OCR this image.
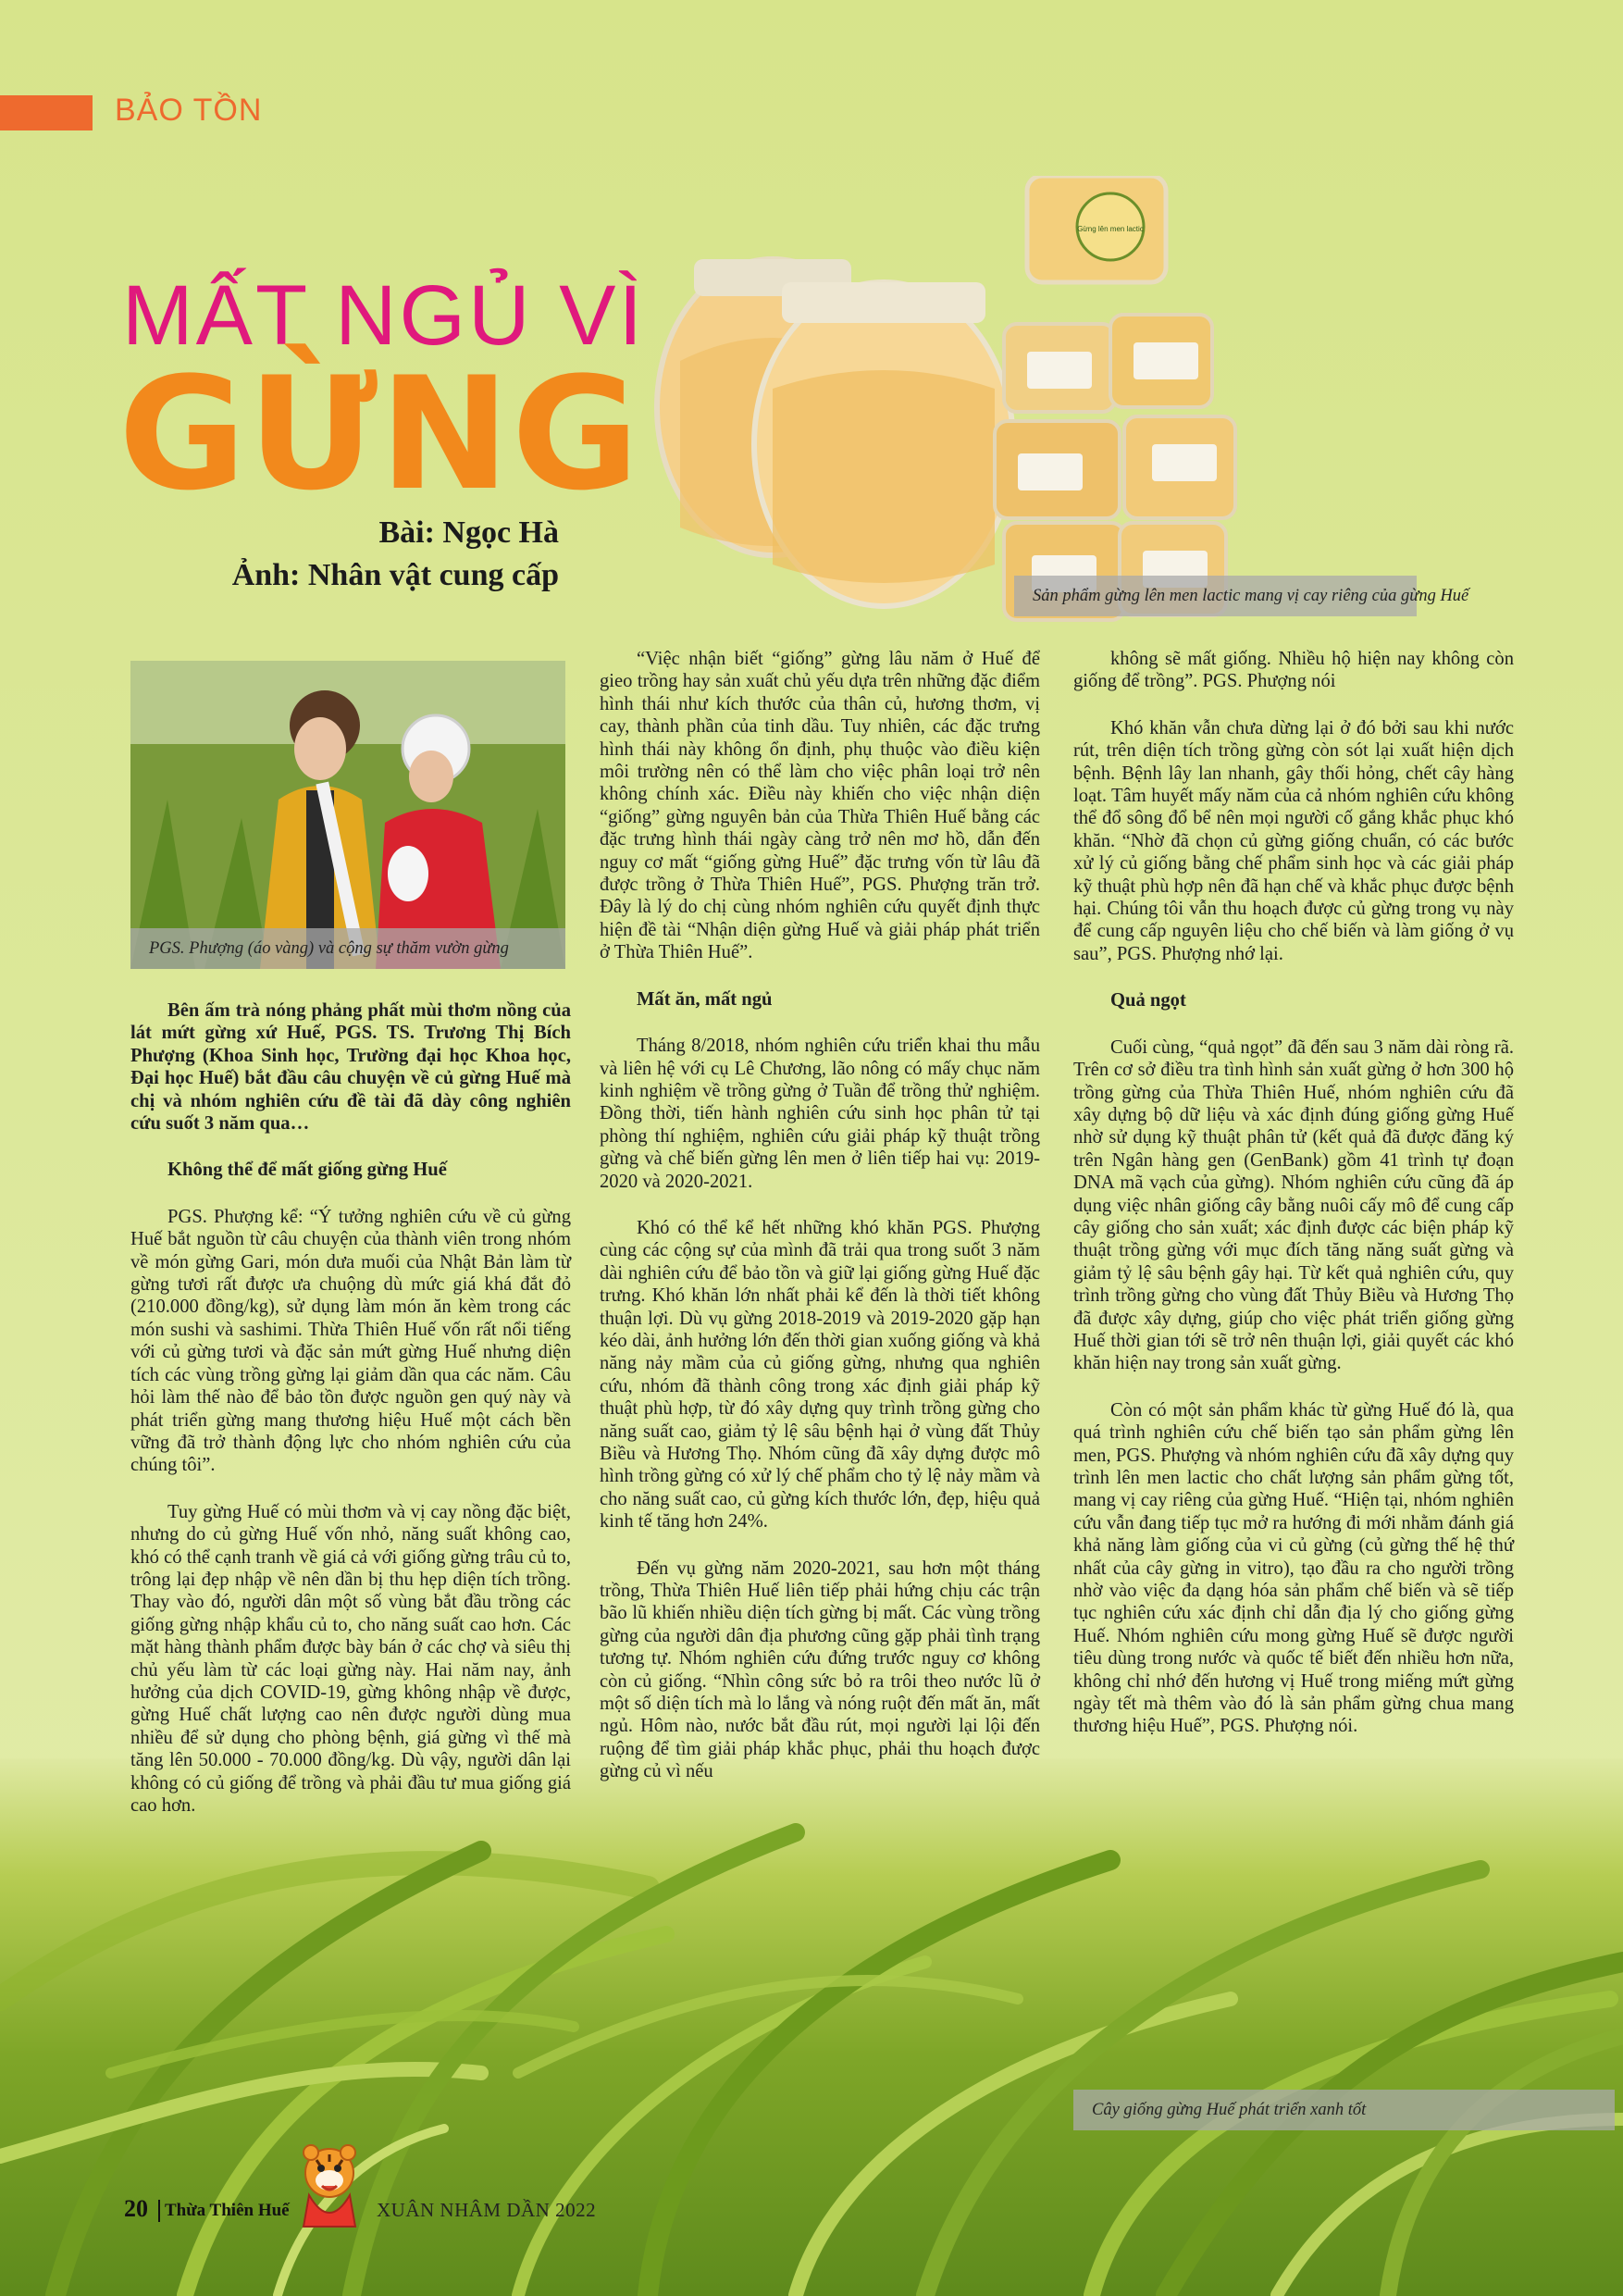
BẢO TỒN
MẤT NGỦ VÌ
GỪNG
Bài: Ngọc Hà
Ảnh: Nhân vật cung cấp
Gừng lên men lactic
Sản phẩm gừng lên men lactic mang vị cay riêng của gừng Huế
PGS. Phượng (áo vàng) và cộng sự thăm vườn gừng

Bên ấm trà nóng phảng phất mùi thơm nồng của lát mứt gừng xứ Huế, PGS. TS. Trương Thị Bích Phượng (Khoa Sinh học, Trường đại học Khoa học, Đại học Huế) bắt đầu câu chuyện về củ gừng Huế mà chị và nhóm nghiên cứu đề tài đã dày công nghiên cứu suốt 3 năm qua…

Không thể để mất giống gừng Huế

PGS. Phượng kể: “Ý tưởng nghiên cứu về củ gừng Huế bắt nguồn từ câu chuyện của thành viên trong nhóm về món gừng Gari, món dưa muối của Nhật Bản làm từ gừng tươi rất được ưa chuộng dù mức giá khá đắt đỏ (210.000 đồng/kg), sử dụng làm món ăn kèm trong các món sushi và sashimi. Thừa Thiên Huế vốn rất nổi tiếng với củ gừng tươi và đặc sản mứt gừng Huế nhưng diện tích các vùng trồng gừng lại giảm dần qua các năm. Câu hỏi làm thế nào để bảo tồn được nguồn gen quý này và phát triển gừng mang thương hiệu Huế một cách bền vững đã trở thành động lực cho nhóm nghiên cứu của chúng tôi”.

Tuy gừng Huế có mùi thơm và vị cay nồng đặc biệt, nhưng do củ gừng Huế vốn nhỏ, năng suất không cao, khó có thể cạnh tranh về giá cả với giống gừng trâu củ to, trông lại đẹp nhập về nên dần bị thu hẹp diện tích trồng. Thay vào đó, người dân một số vùng bắt đầu trồng các giống gừng nhập khẩu củ to, cho năng suất cao hơn. Các mặt hàng thành phẩm được bày bán ở các chợ và siêu thị chủ yếu làm từ các loại gừng này. Hai năm nay, ảnh hưởng của dịch COVID-19, gừng không nhập về được, gừng Huế chất lượng cao nên được người dùng mua nhiều để sử dụng cho phòng bệnh, giá gừng vì thế mà tăng lên 50.000 - 70.000 đồng/kg. Dù vậy, người dân lại không có củ giống để trồng và phải đầu tư mua giống giá cao hơn.

“Việc nhận biết “giống” gừng lâu năm ở Huế để gieo trồng hay sản xuất chủ yếu dựa trên những đặc điểm hình thái như kích thước của thân củ, hương thơm, vị cay, thành phần của tinh dầu. Tuy nhiên, các đặc trưng hình thái này không ổn định, phụ thuộc vào điều kiện môi trường nên có thể làm cho việc phân loại trở nên không chính xác. Điều này khiến cho việc nhận diện “giống” gừng nguyên bản của Thừa Thiên Huế bằng các đặc trưng hình thái ngày càng trở nên mơ hồ, dẫn đến nguy cơ mất “giống gừng Huế” đặc trưng vốn từ lâu đã được trồng ở Thừa Thiên Huế”, PGS. Phượng trăn trở. Đây là lý do chị cùng nhóm nghiên cứu quyết định thực hiện đề tài “Nhận diện gừng Huế và giải pháp phát triển ở Thừa Thiên Huế”.

Mất ăn, mất ngủ

Tháng 8/2018, nhóm nghiên cứu triển khai thu mẫu và liên hệ với cụ Lê Chương, lão nông có mấy chục năm kinh nghiệm về trồng gừng ở Tuần để trồng thử nghiệm. Đồng thời, tiến hành nghiên cứu sinh học phân tử tại phòng thí nghiệm, nghiên cứu giải pháp kỹ thuật trồng gừng và chế biến gừng lên men ở liên tiếp hai vụ: 2019-2020 và 2020-2021.

Khó có thể kể hết những khó khăn PGS. Phượng cùng các cộng sự của mình đã trải qua trong suốt 3 năm dài nghiên cứu để bảo tồn và giữ lại giống gừng Huế đặc trưng. Khó khăn lớn nhất phải kể đến là thời tiết không thuận lợi. Dù vụ gừng 2018-2019 và 2019-2020 gặp hạn kéo dài, ảnh hưởng lớn đến thời gian xuống giống và khả năng nảy mầm của củ giống gừng, nhưng qua nghiên cứu, nhóm đã thành công trong xác định giải pháp kỹ thuật phù hợp, từ đó xây dựng quy trình trồng gừng cho năng suất cao, giảm tỷ lệ sâu bệnh hại ở vùng đất Thủy Biều và Hương Thọ. Nhóm cũng đã xây dựng được mô hình trồng gừng có xử lý chế phẩm cho tỷ lệ nảy mầm và cho năng suất cao, củ gừng kích thước lớn, đẹp, hiệu quả kinh tế tăng hơn 24%.

Đến vụ gừng năm 2020-2021, sau hơn một tháng trồng, Thừa Thiên Huế liên tiếp phải hứng chịu các trận bão lũ khiến nhiều diện tích gừng bị mất. Các vùng trồng gừng của người dân địa phương cũng gặp phải tình trạng tương tự. Nhóm nghiên cứu đứng trước nguy cơ không còn củ giống. “Nhìn công sức bỏ ra trôi theo nước lũ ở một số diện tích mà lo lắng và nóng ruột đến mất ăn, mất ngủ. Hôm nào, nước bắt đầu rút, mọi người lại lội đến ruộng để tìm giải pháp khắc phục, phải thu hoạch được gừng củ vì nếu

không sẽ mất giống. Nhiều hộ hiện nay không còn giống để trồng”. PGS. Phượng nói

Khó khăn vẫn chưa dừng lại ở đó bởi sau khi nước rút, trên diện tích trồng gừng còn sót lại xuất hiện dịch bệnh. Bệnh lây lan nhanh, gây thối hỏng, chết cây hàng loạt. Tâm huyết mấy năm của cả nhóm nghiên cứu không thể đổ sông đổ bể nên mọi người cố gắng khắc phục khó khăn. “Nhờ đã chọn củ gừng giống chuẩn, có các bước xử lý củ giống bằng chế phẩm sinh học và các giải pháp kỹ thuật phù hợp nên đã hạn chế và khắc phục được bệnh hại. Chúng tôi vẫn thu hoạch được củ gừng trong vụ này để cung cấp nguyên liệu cho chế biến và làm giống ở vụ sau”, PGS. Phượng nhớ lại.

Quả ngọt

Cuối cùng, “quả ngọt” đã đến sau 3 năm dài ròng rã. Trên cơ sở điều tra tình hình sản xuất gừng ở hơn 300 hộ trồng gừng của Thừa Thiên Huế, nhóm nghiên cứu đã xây dựng bộ dữ liệu và xác định đúng giống gừng Huế nhờ sử dụng kỹ thuật phân tử (kết quả đã được đăng ký trên Ngân hàng gen (GenBank) gồm 41 trình tự đoạn DNA mã vạch của gừng). Nhóm nghiên cứu cũng đã áp dụng việc nhân giống cây bằng nuôi cấy mô để cung cấp cây giống cho sản xuất; xác định được các biện pháp kỹ thuật trồng gừng với mục đích tăng năng suất gừng và giảm tỷ lệ sâu bệnh gây hại. Từ kết quả nghiên cứu, quy trình trồng gừng cho vùng đất Thủy Biều và Hương Thọ đã được xây dựng, giúp cho việc phát triển giống gừng Huế thời gian tới sẽ trở nên thuận lợi, giải quyết các khó khăn hiện nay trong sản xuất gừng.

Còn có một sản phẩm khác từ gừng Huế đó là, qua quá trình nghiên cứu chế biến tạo sản phẩm gừng lên men, PGS. Phượng và nhóm nghiên cứu đã xây dựng quy trình lên men lactic cho chất lượng sản phẩm gừng tốt, mang vị cay riêng của gừng Huế. “Hiện tại, nhóm nghiên cứu vẫn đang tiếp tục mở ra hướng đi mới nhằm đánh giá khả năng làm giống của vi củ gừng (củ gừng thế hệ thứ nhất của cây gừng in vitro), tạo đầu ra cho người trồng nhờ vào việc đa dạng hóa sản phẩm chế biến và sẽ tiếp tục nghiên cứu xác định chỉ dẫn địa lý cho giống gừng Huế. Nhóm nghiên cứu mong gừng Huế sẽ được người tiêu dùng trong nước và quốc tế biết đến nhiều hơn nữa, không chỉ nhớ đến hương vị Huế trong miếng mứt gừng ngày tết mà thêm vào đó là sản phẩm gừng chua mang thương hiệu Huế”, PGS. Phượng nói.

Cây giống gừng Huế phát triển xanh tốt
20 Thừa Thiên Huế	XUÂN NHÂM DẦN 2022
